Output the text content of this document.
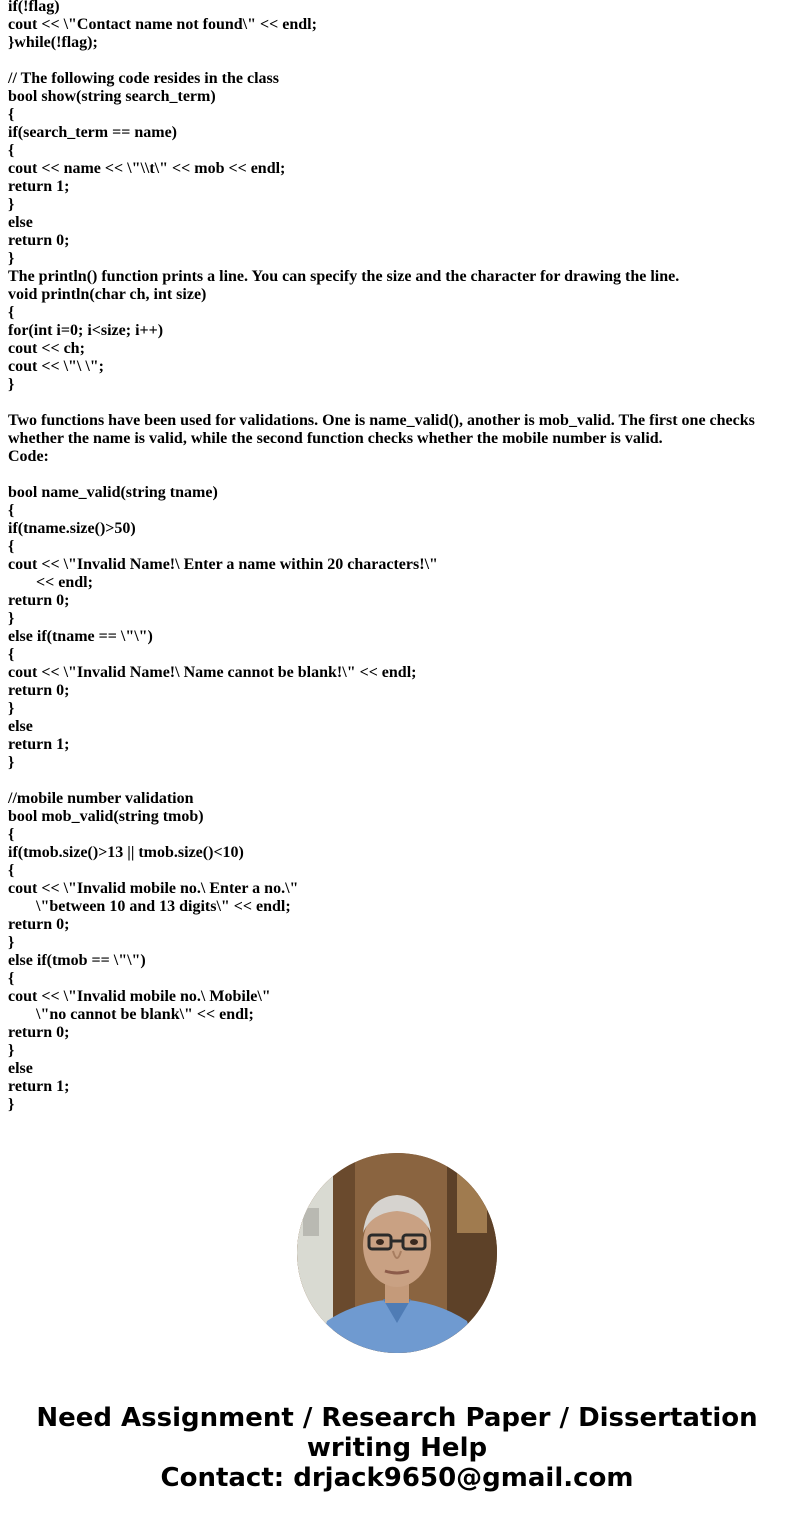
if(!flag)
cout << \"Contact name not found\" << endl;
}while(!flag);
// The following code resides in the class
bool show(string search_term)
{
if(search_term == name)
{
cout << name << \"\\t\" << mob << endl;
return 1;
}
else
return 0;
}
The println() function prints a line. You can specify the size and the character for drawing the line.
void println(char ch, int size)
{
for(int i=0; i<size; i++)
cout << ch;
cout << \"\ \";
}
Two functions have been used for validations. One is name_valid(), another is mob_valid. The first one checks whether the name is valid, while the second function checks whether the mobile number is valid.
Code:
bool name_valid(string tname)
{
if(tname.size()>50)
{
cout << \"Invalid Name!\ Enter a name within 20 characters!\"
<< endl;
return 0;
}
else if(tname == \"\")
{
cout << \"Invalid Name!\ Name cannot be blank!\" << endl;
return 0;
}
else
return 1;
}
//mobile number validation
bool mob_valid(string tmob)
{
if(tmob.size()>13 || tmob.size()<10)
{
cout << \"Invalid mobile no.\ Enter a no.\"
\"between 10 and 13 digits\" << endl;
return 0;
}
else if(tmob == \"\")
{
cout << \"Invalid mobile no.\ Mobile\"
\"no cannot be blank\" << endl;
return 0;
}
else
return 1;
}
Need Assignment / Research Paper / Dissertation writing Help
Contact: drjack9650@gmail.com
